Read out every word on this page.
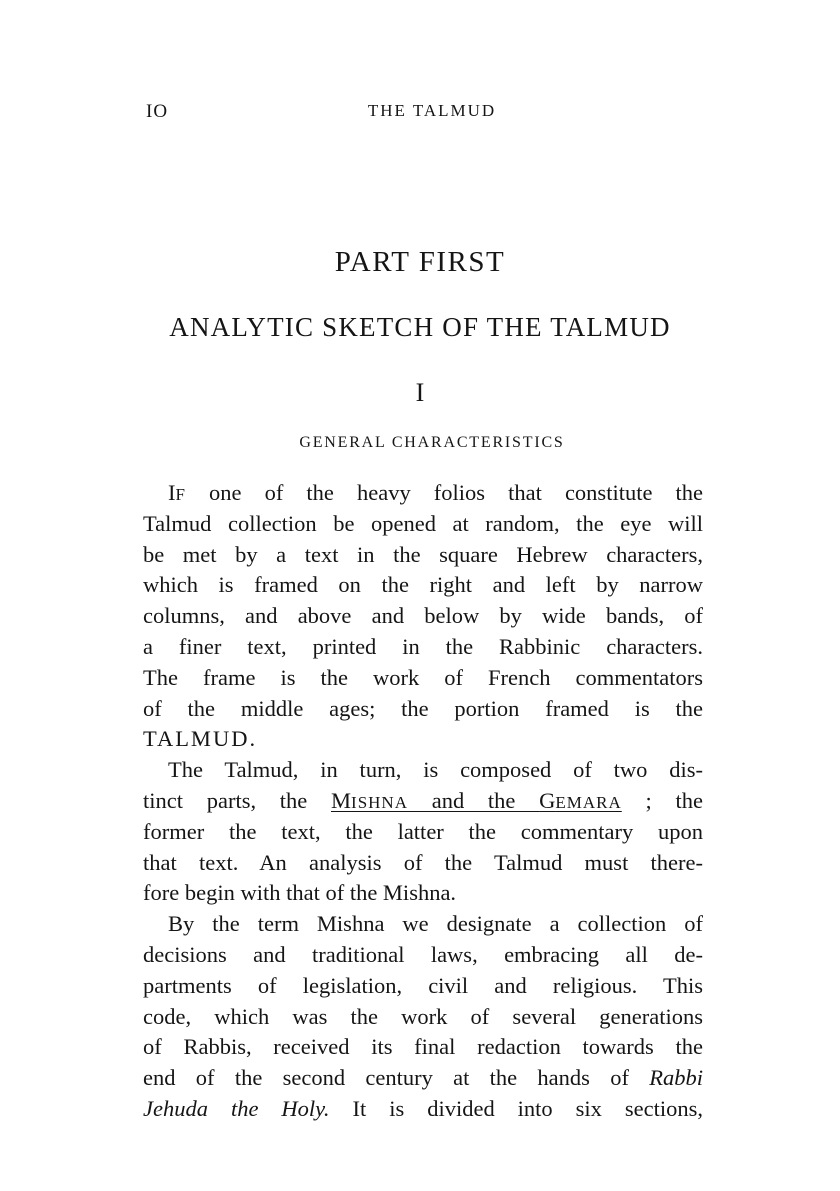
IO	THE TALMUD
PART FIRST
ANALYTIC SKETCH OF THE TALMUD
I
GENERAL CHARACTERISTICS
IF one of the heavy folios that constitute the
Talmud collection be opened at random, the eye will
be met by a text in the square Hebrew characters,
which is framed on the right and left by narrow
columns, and above and below by wide bands, of
a finer text, printed in the Rabbinic characters.
The frame is the work of French commentators
of the middle ages; the portion framed is the
TALMUD.
The Talmud, in turn, is composed of two dis-
tinct parts, the MISHNA and the GEMARA ; the
former the text, the latter the commentary upon
that text. An analysis of the Talmud must there-
fore begin with that of the Mishna.
By the term Mishna we designate a collection of
decisions and traditional laws, embracing all de-
partments of legislation, civil and religious. This
code, which was the work of several generations
of Rabbis, received its final redaction towards the
end of the second century at the hands of Rabbi
Jehuda the Holy. It is divided into six sections,
